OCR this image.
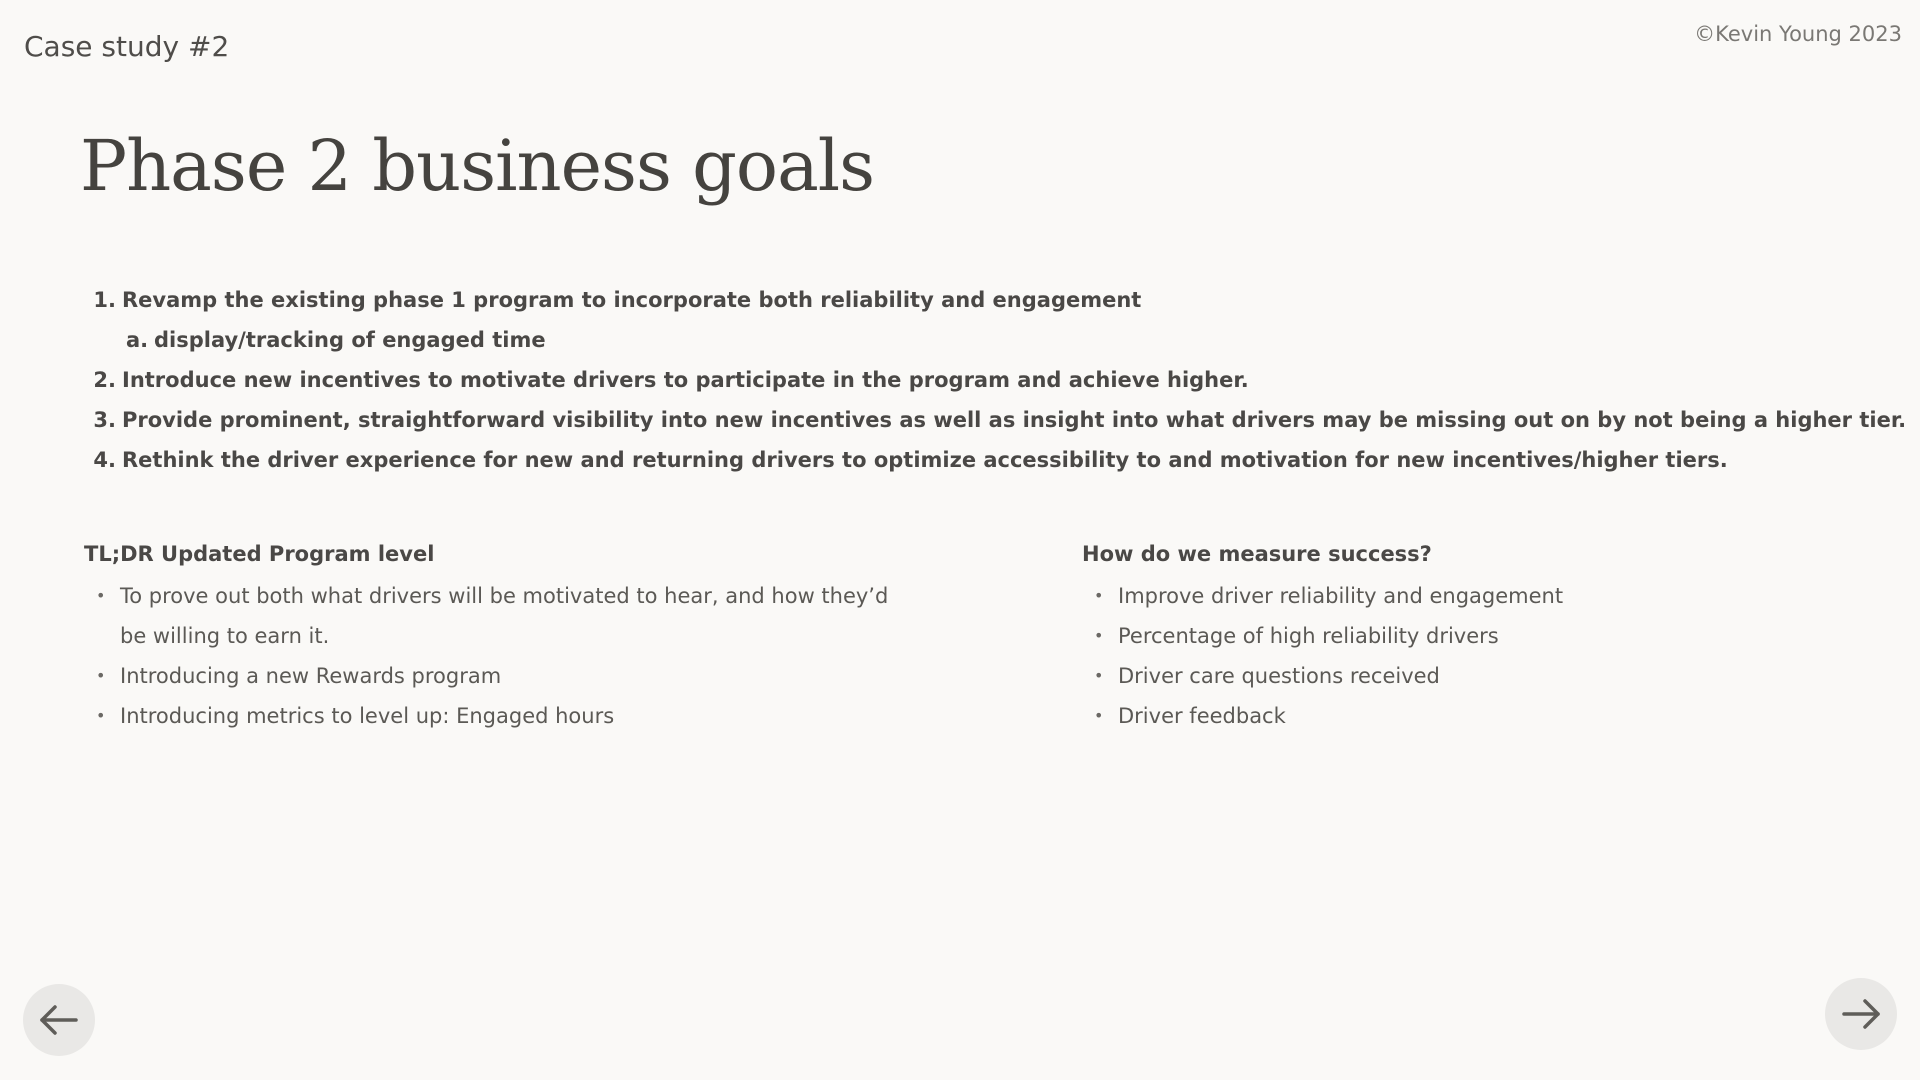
Case study #2	©Kevin Young 2023
Phase 2 business goals
1. Revamp the existing phase 1 program to incorporate both reliability and engagement
a. display/tracking of engaged time
2. Introduce new incentives to motivate drivers to participate in the program and achieve higher.
3. Provide prominent, straightforward visibility into new incentives as well as insight into what drivers may be missing out on by not being a higher tier.
4. Rethink the driver experience for new and returning drivers to optimize accessibility to and motivation for new incentives/higher tiers.
TL;DR Updated Program level
• To prove out both what drivers will be motivated to hear, and how they’d be willing to earn it.
• Introducing a new Rewards program
• Introducing metrics to level up: Engaged hours
How do we measure success?
• Improve driver reliability and engagement
• Percentage of high reliability drivers
• Driver care questions received
• Driver feedback
